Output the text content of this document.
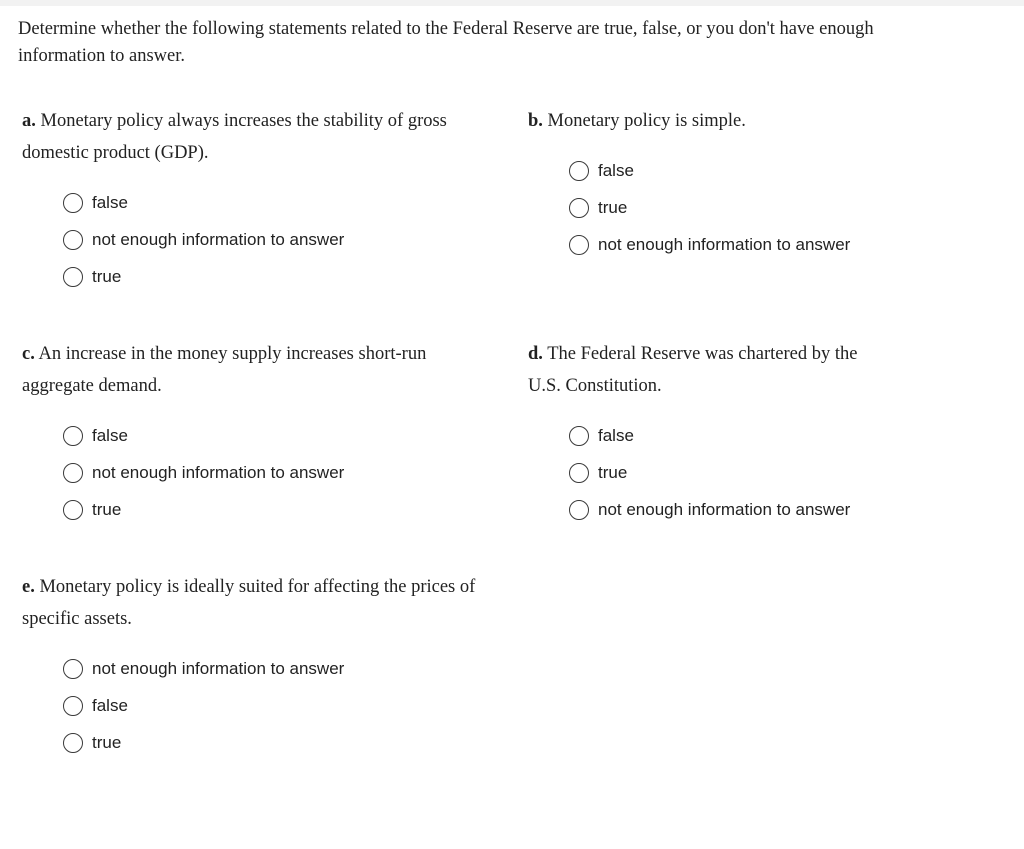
Determine whether the following statements related to the Federal Reserve are true, false, or you don't have enough information to answer.
a. Monetary policy always increases the stability of gross domestic product (GDP).
false
not enough information to answer
true
b. Monetary policy is simple.
false
true
not enough information to answer
c. An increase in the money supply increases short-run aggregate demand.
false
not enough information to answer
true
d. The Federal Reserve was chartered by the U.S. Constitution.
false
true
not enough information to answer
e. Monetary policy is ideally suited for affecting the prices of specific assets.
not enough information to answer
false
true
